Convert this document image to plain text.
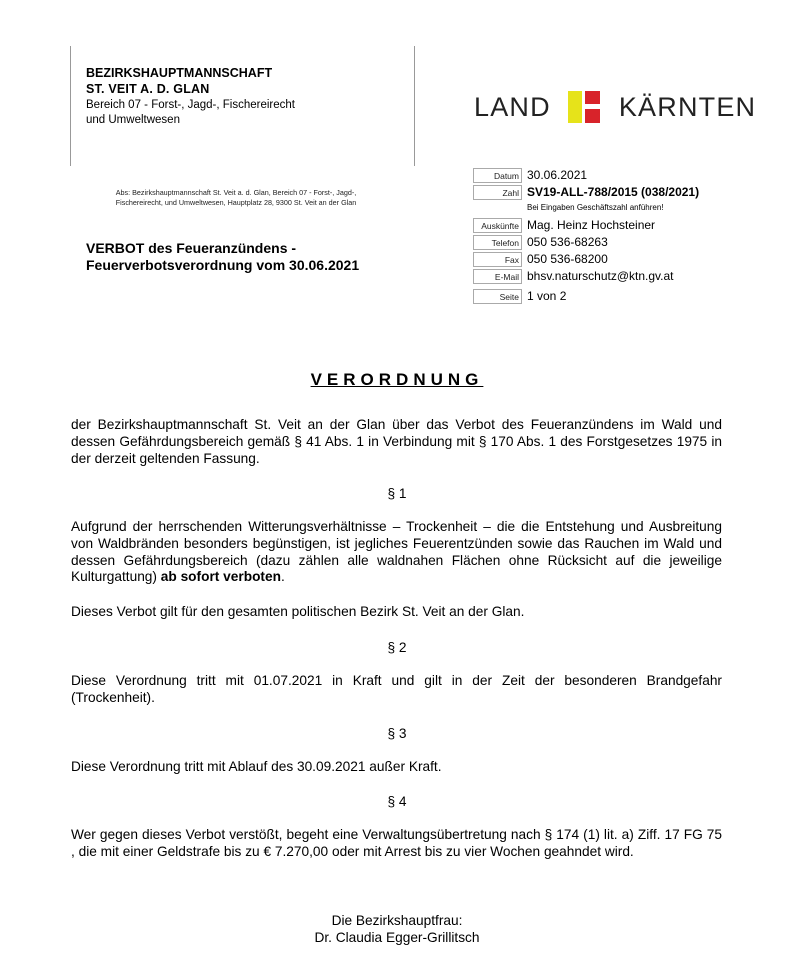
BEZIRKSHAUPTMANNSCHAFT
ST. VEIT A. D. GLAN
Bereich 07 - Forst-, Jagd-, Fischereirecht
und Umweltwesen	LAND	KÄRNTEN
Abs: Bezirkshauptmannschaft St. Veit a. d. Glan, Bereich 07 - Forst-, Jagd-,
Fischereirecht, und Umweltwesen, Hauptplatz 28, 9300 St. Veit an der Glan
VERBOT des Feueranzündens -
Feuerverbotsverordnung vom 30.06.2021
Datum 30.06.2021
Zahl SV19-ALL-788/2015 (038/2021)
Bei Eingaben Geschäftszahl anführen!
Auskünfte Mag. Heinz Hochsteiner
Telefon 050 536-68263
Fax 050 536-68200
E-Mail bhsv.naturschutz@ktn.gv.at
Seite 1 von 2
VERORDNUNG
der Bezirkshauptmannschaft St. Veit an der Glan über das Verbot des Feueranzündens im Wald und dessen Gefährdungsbereich gemäß § 41 Abs. 1 in Verbindung mit § 170 Abs. 1 des Forstgesetzes 1975 in der derzeit geltenden Fassung.
§ 1
Aufgrund der herrschenden Witterungsverhältnisse – Trockenheit – die die Entstehung und Ausbreitung von Waldbränden besonders begünstigen, ist jegliches Feuerentzünden sowie das Rauchen im Wald und dessen Gefährdungsbereich (dazu zählen alle waldnahen Flächen ohne Rücksicht auf die jeweilige Kulturgattung) ab sofort verboten.
Dieses Verbot gilt für den gesamten politischen Bezirk St. Veit an der Glan.
§ 2
Diese Verordnung tritt mit 01.07.2021 in Kraft und gilt in der Zeit der besonderen Brandgefahr (Trockenheit).
§ 3
Diese Verordnung tritt mit Ablauf des 30.09.2021 außer Kraft.
§ 4
Wer gegen dieses Verbot verstößt, begeht eine Verwaltungsübertretung nach § 174 (1) lit. a) Ziff. 17 FG 75 , die mit einer Geldstrafe bis zu € 7.270,00 oder mit Arrest bis zu vier Wochen geahndet wird.
Die Bezirkshauptfrau:
Dr. Claudia Egger-Grillitsch
